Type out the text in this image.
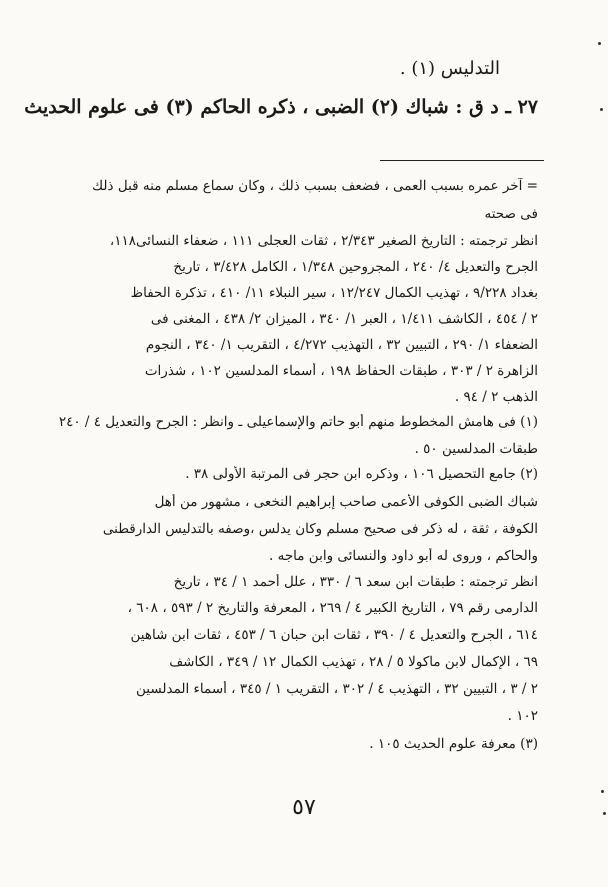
التدليس (١) .
٢٧ ـ د ق : شباك (٢) الضبى ، ذكره الحاكم (٣) فى علوم الحديث
= آخر عمره بسبب العمى ، فضعف بسبب ذلك ، وكان سماع مسلم منه قبل ذلك
فى صحته
انظر ترجمته : التاريخ الصغير ٢/٣٤٣ ، ثقات العجلى ١١١ ، ضعفاء النسائى١١٨،
الجرح والتعديل ٤/ ٢٤٠ ، المجروحين ١/٣٤٨ ، الكامل ٣/٤٢٨ ، تاريخ
بغداد ٩/٢٢٨ ، تهذيب الكمال ١٢/٢٤٧ ، سير النبلاء ١١/ ٤١٠ ، تذكرة الحفاظ
٢ / ٤٥٤ ، الكاشف ١/٤١١ ، العبر ١/ ٣٤٠ ، الميزان ٢/ ٤٣٨ ، المغنى فى
الضعفاء ١/ ٢٩٠ ، التبيين ٣٢ ، التهذيب ٤/٢٧٢ ، التقريب ١/ ٣٤٠ ، النجوم
الزاهرة ٢ / ٣٠٣ ، طبقات الحفاظ ١٩٨ ، أسماء المدلسين ١٠٢ ، شذرات
الذهب ٢ / ٩٤ .
(١) فى هامش المخطوط منهم أبو حاتم والإسماعيلى ـ وانظر : الجرح والتعديل ٤ / ٢٤٠
طبقات المدلسين ٥٠ .
(٢) جامع التحصيل ١٠٦ ، وذكره ابن حجر فى المرتبة الأولى ٣٨ .
شباك الضبى الكوفى الأعمى صاحب إبراهيم النخعى ، مشهور من أهل
الكوفة ، ثقة ، له ذكر فى صحيح مسلم وكان يدلس ،وصفه بالتدليس الدارقطنى
والحاكم ، وروى له أبو داود والنسائى وابن ماجه .
انظر ترجمته : طبقات ابن سعد ٦ / ٣٣٠ ، علل أحمد ١ / ٣٤ ، تاريخ
الدارمى رقم ٧٩ ، التاريخ الكبير ٤ / ٢٦٩ ، المعرفة والتاريخ ٢ / ٥٩٣ ، ٦٠٨ ،
٦١٤ ، الجرح والتعديل ٤ / ٣٩٠ ، ثقات ابن حبان ٦ / ٤٥٣ ، ثقات ابن شاهين
٦٩ ، الإكمال لابن ماكولا ٥ / ٢٨ ، تهذيب الكمال ١٢ / ٣٤٩ ، الكاشف
٢ / ٣ ، التبيين ٣٢ ، التهذيب ٤ / ٣٠٢ ، التقريب ١ / ٣٤٥ ، أسماء المدلسين
١٠٢ .
(٣) معرفة علوم الحديث ١٠٥ .
٥٧
